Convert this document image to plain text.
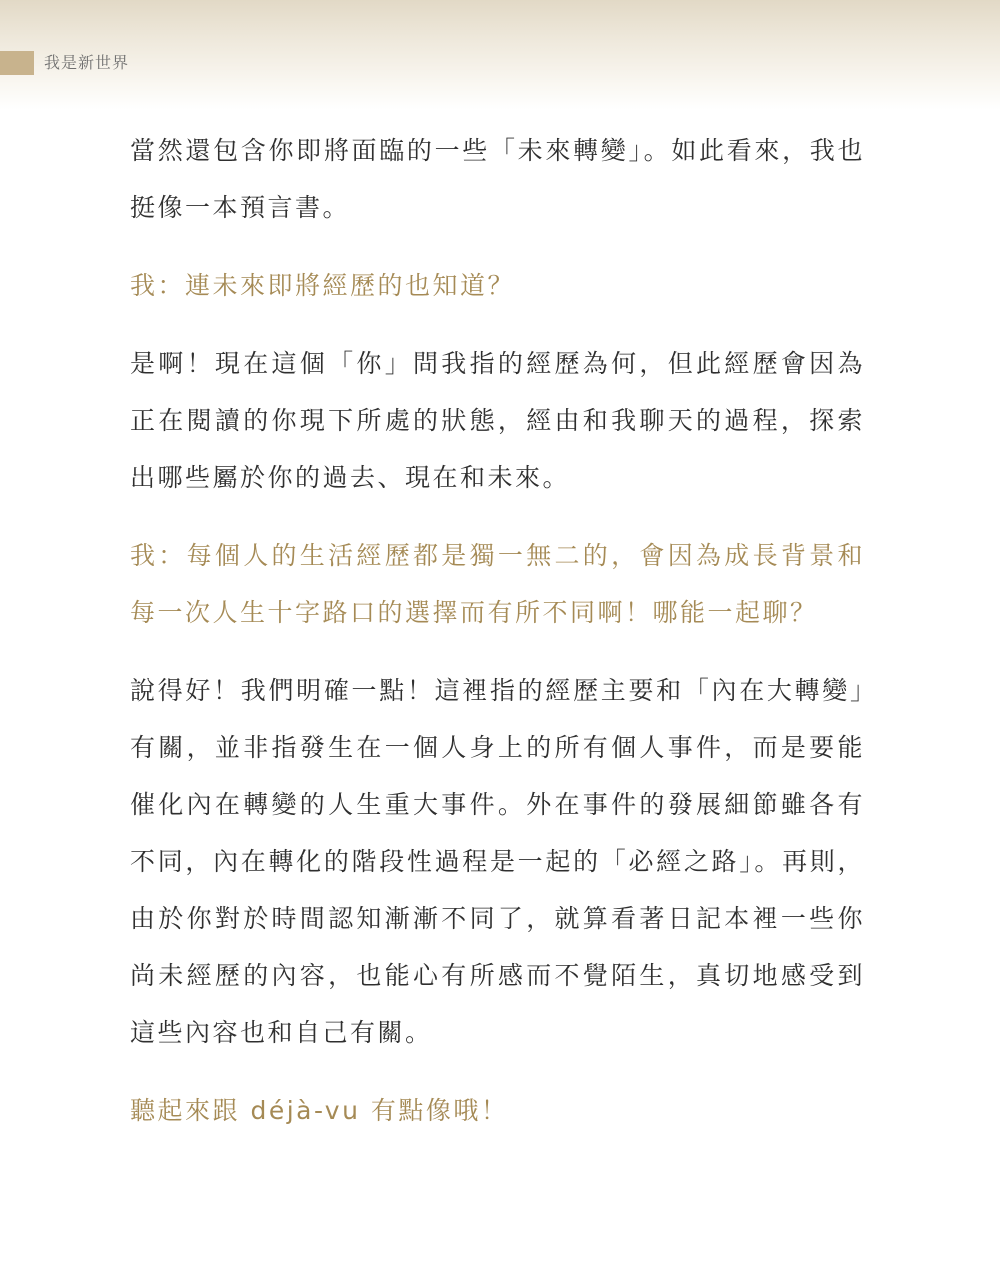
我是新世界

當然還包含你即將面臨的一些「未來轉變」。如此看來，我也挺像一本預言書。

我：連未來即將經歷的也知道？

是啊！現在這個「你」問我指的經歷為何，但此經歷會因為正在閱讀的你現下所處的狀態，經由和我聊天的過程，探索出哪些屬於你的過去、現在和未來。

我：每個人的生活經歷都是獨一無二的，會因為成長背景和每一次人生十字路口的選擇而有所不同啊！哪能一起聊？

說得好！我們明確一點！這裡指的經歷主要和「內在大轉變」有關，並非指發生在一個人身上的所有個人事件，而是要能催化內在轉變的人生重大事件。外在事件的發展細節雖各有不同，內在轉化的階段性過程是一起的「必經之路」。再則，由於你對於時間認知漸漸不同了，就算看著日記本裡一些你尚未經歷的內容，也能心有所感而不覺陌生，真切地感受到這些內容也和自己有關。

聽起來跟 déjà-vu 有點像哦！
